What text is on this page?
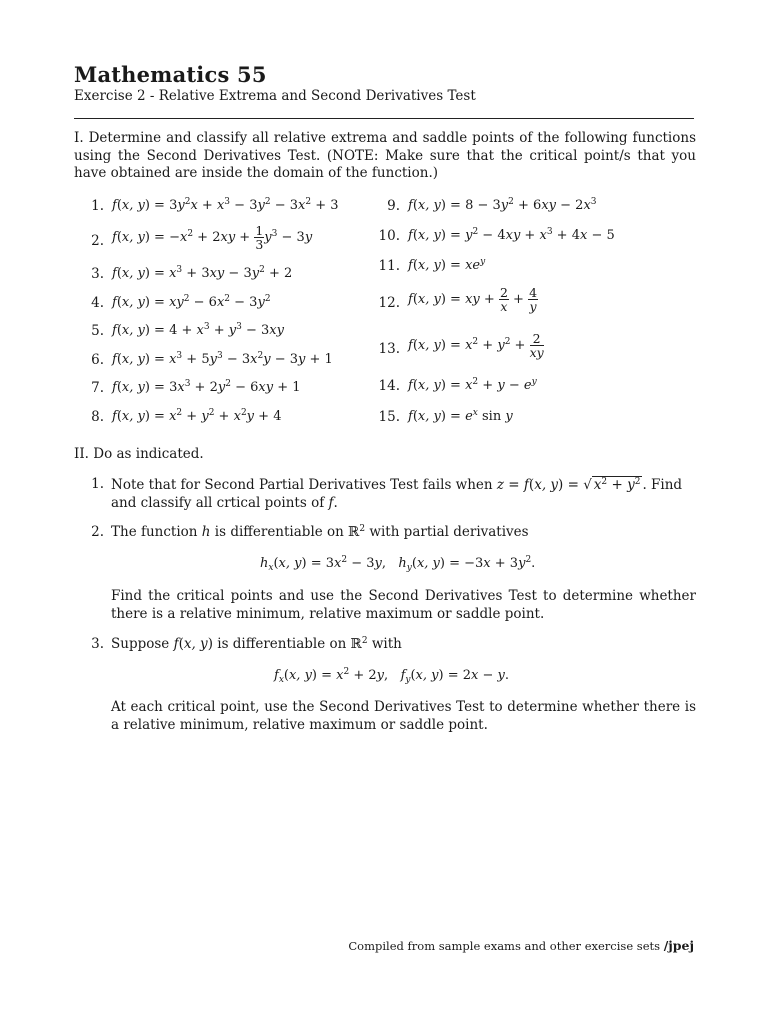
Mathematics 55
Exercise 2 - Relative Extrema and Second Derivatives Test
I. Determine and classify all relative extrema and saddle points of the following functions using the Second Derivatives Test. (NOTE: Make sure that the critical point/s that you have obtained are inside the domain of the function.)
1. f(x, $y) = 3y^2x + x^3 - 3y^2 - 3x^2 + 3$
2. f(x, $y) = -x^2 + 2xy + \frac{1}{3} y^3 - 3y$
3. f(x, $y) = x^3 + 3xy - 3y^2 + 2$
4. f(x, $y) = xy^2 - 6x^2 - 3y^2$
5. f(x, $y) = 4 + x^3 + y^3 - 3xy$
6. f(x, $y) = x^3 + 5y^3 - 3x^2y - 3y + 1$
7. f(x, $y) = 3x^3 + 2y^2 - 6xy + 1$
8. f(x, $y) = x^2 + y^2 + x^2y + 4$
9. f(x, $y) = 8 - 3y^2 + 6xy - 2x^3$
10. f(x, $y) = y^2 - 4xy + x^3 + 4x - 5$
11. f(x, $y) = xe^y$
12. f(x, y) = xy + $\frac{2}{x} + \frac{4}{y}$
13. f(x, $y) = x^2 + y^2 + \frac{2}{xy}$
14. f(x, $y) = x^2 + y - e^y$
15. f(x, $y) = e^x$ sin y
II. Do as indicated.
1. Note that for Second Partial Derivatives Test fails when z = f(x, y) = √ $x^2 + y^2$ . Find
and classify all crtical points of f.
2. The function h is differentiable on ℝ$^2$ with partial derivatives
$h_x(x$, $y) = 3x^2 - 3y$,   $h_y(x$, $y) = -3x + 3y^2$.
Find the critical points and use the Second Derivatives Test to determine whether there is a relative minimum, relative maximum or saddle point.
3. Suppose f(x, y) is differentiable on ℝ$^2$ with
$f_x(x$, $y) = x^2 + 2y$,   $f_y(x$, y) = 2x − y.
At each critical point, use the Second Derivatives Test to determine whether there is a relative minimum, relative maximum or saddle point.
Compiled from sample exams and other exercise sets /jpej
